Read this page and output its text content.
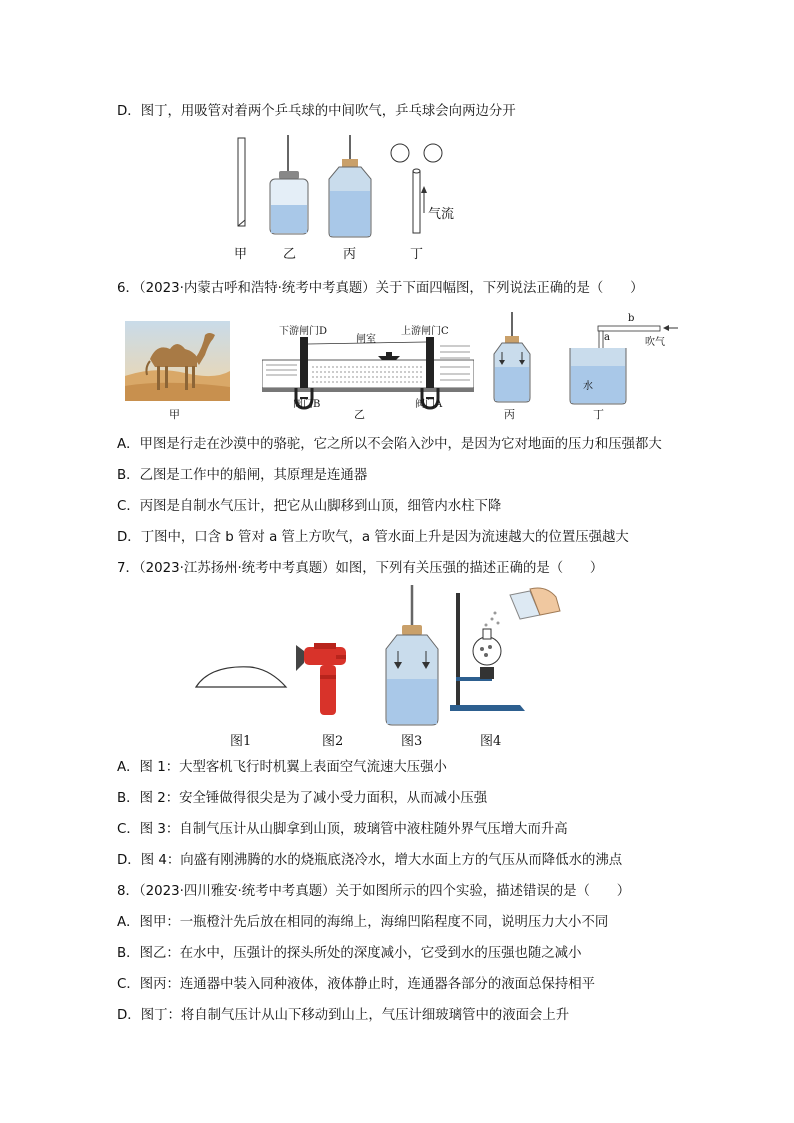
D．图丁，用吸管对着两个乒乓球的中间吹气，乒乓球会向两边分开
甲	乙	丙	丁
气流
6．（2023·内蒙古呼和浩特·统考中考真题）关于下面四幅图，下列说法正确的是（　　）
甲
下游闸门D
闸室
上游闸门C
阀门B	阀门A
乙	丙
a
b
吹气
水
丁
A．甲图是行走在沙漠中的骆驼，它之所以不会陷入沙中，是因为它对地面的压力和压强都大
B．乙图是工作中的船闸，其原理是连通器
C．丙图是自制水气压计，把它从山脚移到山顶，细管内水柱下降
D．丁图中，口含 b 管对 a 管上方吹气，a 管水面上升是因为流速越大的位置压强越大
7．（2023·江苏扬州·统考中考真题）如图，下列有关压强的描述正确的是（　　）
图1	图2	图3	图4
A．图 1：大型客机飞行时机翼上表面空气流速大压强小
B．图 2：安全锤做得很尖是为了减小受力面积，从而减小压强
C．图 3：自制气压计从山脚拿到山顶，玻璃管中液柱随外界气压增大而升高
D．图 4：向盛有刚沸腾的水的烧瓶底浇冷水，增大水面上方的气压从而降低水的沸点
8．（2023·四川雅安·统考中考真题）关于如图所示的四个实验，描述错误的是（　　）
A．图甲：一瓶橙汁先后放在相同的海绵上，海绵凹陷程度不同，说明压力大小不同
B．图乙：在水中，压强计的探头所处的深度减小，它受到水的压强也随之减小
C．图丙：连通器中装入同种液体，液体静止时，连通器各部分的液面总保持相平
D．图丁：将自制气压计从山下移动到山上，气压计细玻璃管中的液面会上升
